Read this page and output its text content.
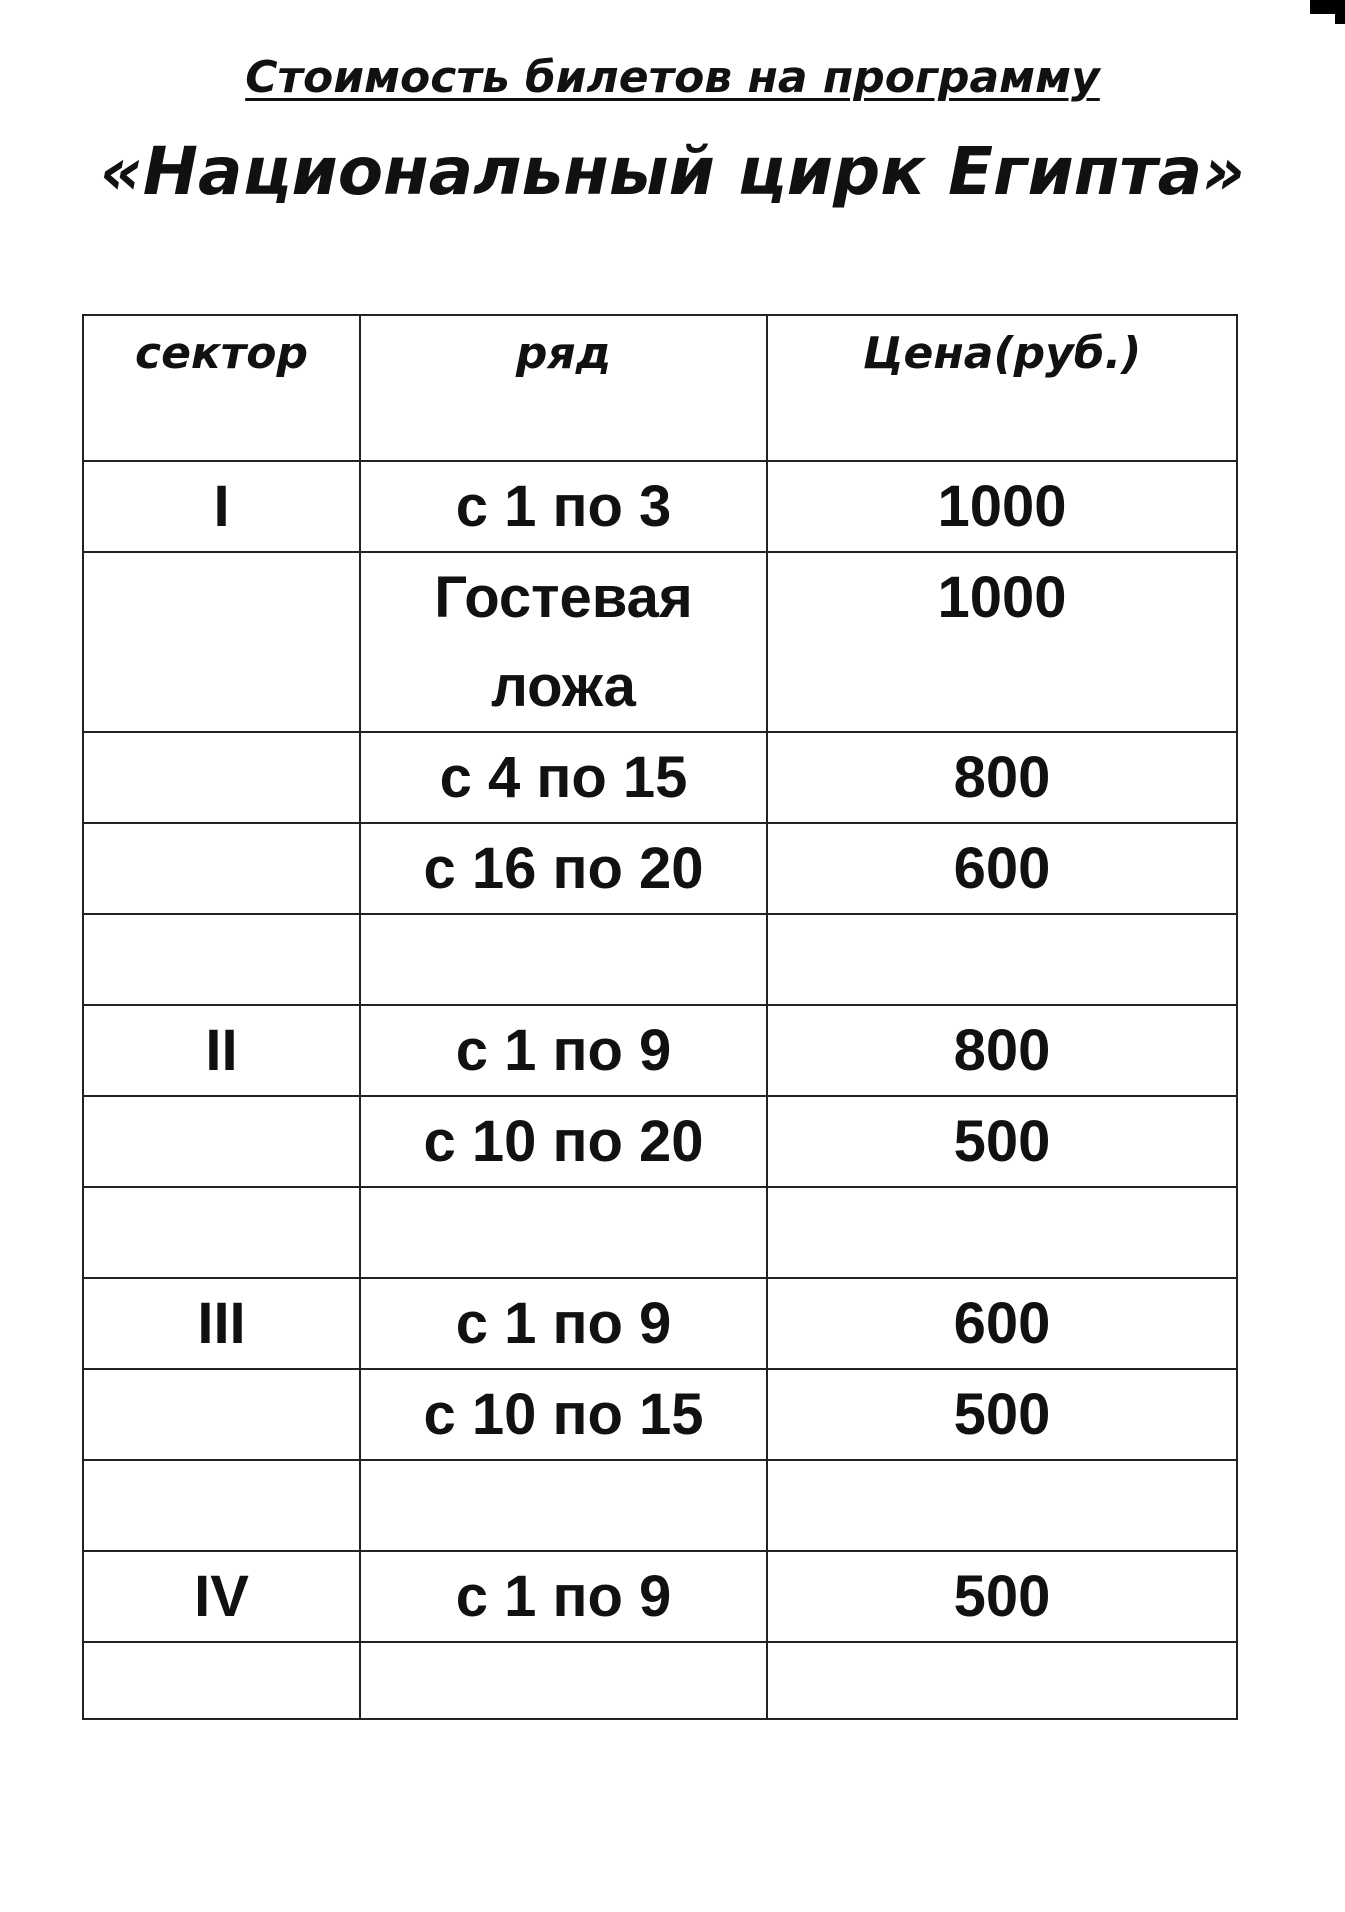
Стоимость билетов на программу
«Национальный цирк Египта»
сектор	ряд	Цена(руб.)
I	с 1 по 3	1000
	Гостевая ложа	1000
	с 4 по 15	800
	с 16 по 20	600

II	с 1 по 9	800
	с 10 по 20	500

III	с 1 по 9	600
	с 10 по 15	500

IV	с 1 по 9	500
